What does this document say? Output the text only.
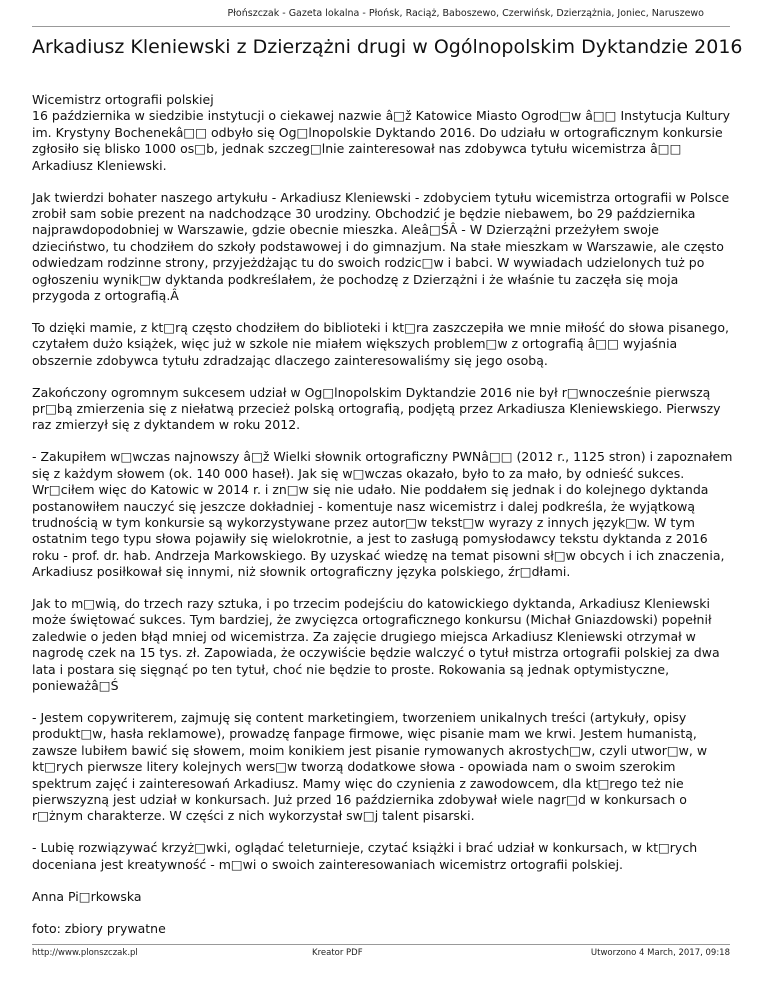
Płońszczak - Gazeta lokalna - Płońsk, Raciąż, Baboszewo, Czerwińsk, Dzierzążnia, Joniec, Naruszewo
Arkadiusz Kleniewski z Dzierzążni drugi w Ogólnopolskim Dyktandzie 2016

Wicemistrz ortografii polskiej
16 października w siedzibie instytucji o ciekawej nazwie â□ž Katowice Miasto Ogrod□w â□□ Instytucja Kultury im. Krystyny Bochenekâ□□ odbyło się Og□lnopolskie Dyktando 2016. Do udziału w ortograficznym konkursie zgłosiło się blisko 1000 os□b, jednak szczeg□lnie zainteresował nas zdobywca tytułu wicemistrza â□□ Arkadiusz Kleniewski.

Jak twierdzi bohater naszego artykułu - Arkadiusz Kleniewski - zdobyciem tytułu wicemistrza ortografii w Polsce zrobił sam sobie prezent na nadchodzące 30 urodziny. Obchodzić je będzie niebawem, bo 29 października najprawdopodobniej w Warszawie, gdzie obecnie mieszka. Aleâ□ŚÂ - W Dzierzążni przeżyłem swoje dzieciństwo, tu chodziłem do szkoły podstawowej i do gimnazjum. Na stałe mieszkam w Warszawie, ale często odwiedzam rodzinne strony, przyjeżdżając tu do swoich rodzic□w i babci. W wywiadach udzielonych tuż po ogłoszeniu wynik□w dyktanda podkreślałem, że pochodzę z Dzierzążni i że właśnie tu zaczęła się moja przygoda z ortografią.Â

To dzięki mamie, z kt□rą często chodziłem do biblioteki i kt□ra zaszczepiła we mnie miłość do słowa pisanego, czytałem dużo książek, więc już w szkole nie miałem większych problem□w z ortografią â□□ wyjaśnia obszernie zdobywca tytułu zdradzając dlaczego zainteresowaliśmy się jego osobą.

Zakończony ogromnym sukcesem udział w Og□lnopolskim Dyktandzie 2016 nie był r□wnocześnie pierwszą pr□bą zmierzenia się z niełatwą przecież polską ortografią, podjętą przez Arkadiusza Kleniewskiego. Pierwszy raz zmierzył się z dyktandem w roku 2012.

- Zakupiłem w□wczas najnowszy â□ž Wielki słownik ortograficzny PWNâ□□ (2012 r., 1125 stron) i zapoznałem się z każdym słowem (ok. 140 000 haseł). Jak się w□wczas okazało, było to za mało, by odnieść sukces. Wr□ciłem więc do Katowic w 2014 r. i zn□w się nie udało. Nie poddałem się jednak i do kolejnego dyktanda postanowiłem nauczyć się jeszcze dokładniej - komentuje nasz wicemistrz i dalej podkreśla, że wyjątkową trudnością w tym konkursie są wykorzystywane przez autor□w tekst□w wyrazy z innych język□w. W tym ostatnim tego typu słowa pojawiły się wielokrotnie, a jest to zasługą pomysłodawcy tekstu dyktanda z 2016 roku - prof. dr. hab. Andrzeja Markowskiego. By uzyskać wiedzę na temat pisowni sł□w obcych i ich znaczenia, Arkadiusz posiłkował się innymi, niż słownik ortograficzny języka polskiego, źr□dłami.

Jak to m□wią, do trzech razy sztuka, i po trzecim podejściu do katowickiego dyktanda, Arkadiusz Kleniewski może świętować sukces. Tym bardziej, że zwycięzca ortograficznego konkursu (Michał Gniazdowski) popełnił zaledwie o jeden błąd mniej od wicemistrza. Za zajęcie drugiego miejsca Arkadiusz Kleniewski otrzymał w nagrodę czek na 15 tys. zł. Zapowiada, że oczywiście będzie walczyć o tytuł mistrza ortografii polskiej za dwa lata i postara się sięgnąć po ten tytuł, choć nie będzie to proste. Rokowania są jednak optymistyczne, ponieważâ□Ś

- Jestem copywriterem, zajmuję się content marketingiem, tworzeniem unikalnych treści (artykuły, opisy produkt□w, hasła reklamowe), prowadzę fanpage firmowe, więc pisanie mam we krwi. Jestem humanistą, zawsze lubiłem bawić się słowem, moim konikiem jest pisanie rymowanych akrostych□w, czyli utwor□w, w kt□rych pierwsze litery kolejnych wers□w tworzą dodatkowe słowa - opowiada nam o swoim szerokim spektrum zajęć i zainteresowań Arkadiusz. Mamy więc do czynienia z zawodowcem, dla kt□rego też nie pierwszyzną jest udział w konkursach. Już przed 16 października zdobywał wiele nagr□d w konkursach o r□żnym charakterze. W części z nich wykorzystał sw□j talent pisarski.

- Lubię rozwiązywać krzyż□wki, oglądać teleturnieje, czytać książki i brać udział w konkursach, w kt□rych doceniana jest kreatywność - m□wi o swoich zainteresowaniach wicemistrz ortografii polskiej.

Anna Pi□rkowska

foto: zbiory prywatne

http://www.plonszczak.pl	Kreator PDF	Utworzono 4 March, 2017, 09:18
